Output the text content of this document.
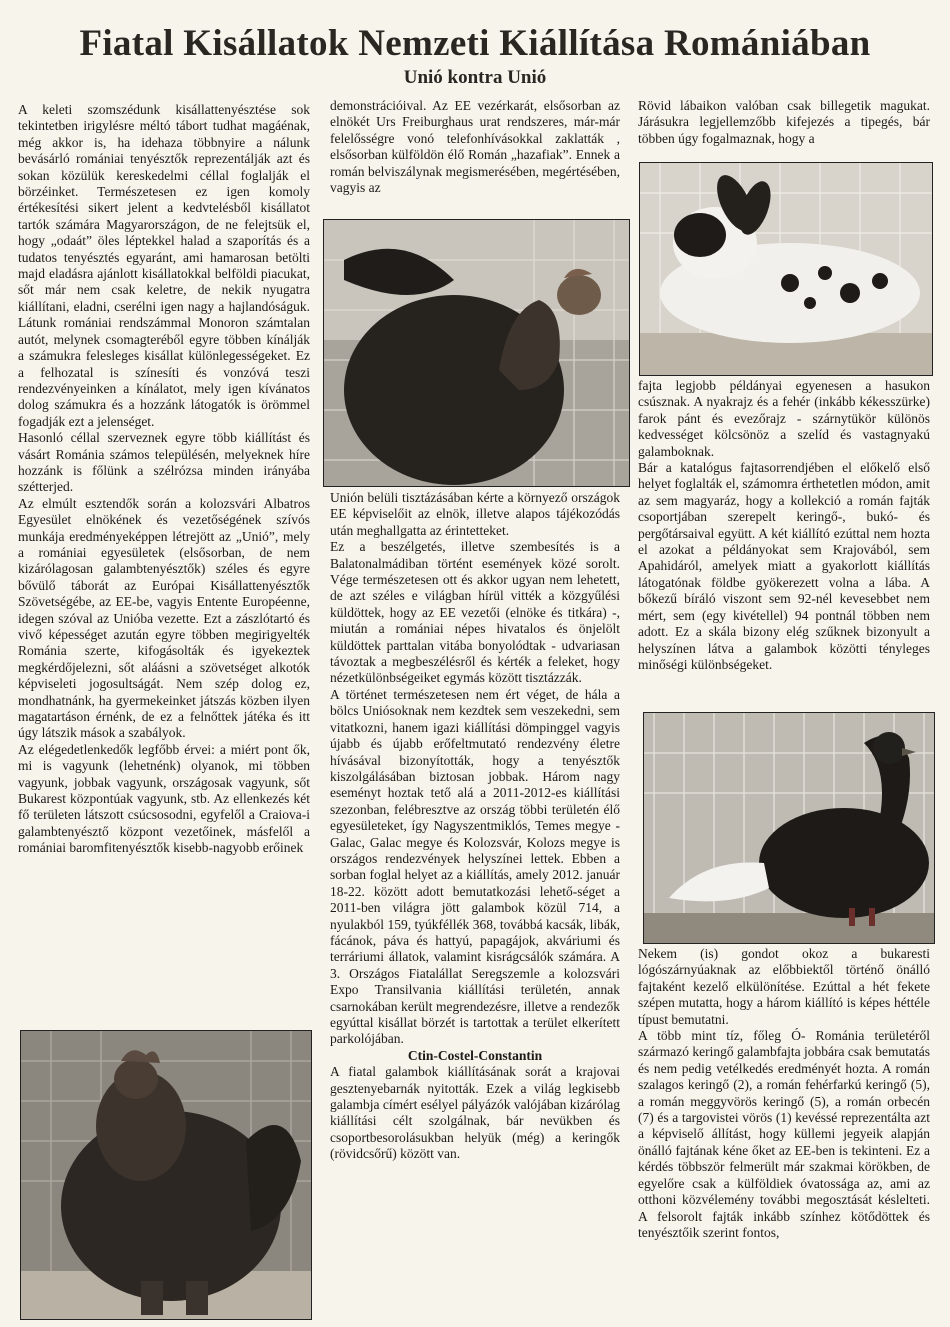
Fiatal Kisállatok Nemzeti Kiállítása Romániában
Unió kontra Unió

A keleti szomszédunk kisállattenyésztése sok tekintetben irigylésre méltó tábort tudhat magáénak, még akkor is, ha idehaza többnyire a nálunk bevásárló romániai tenyésztők reprezentálják azt és sokan közülük kereskedelmi céllal foglalják el börzéinket. Természetesen ez igen komoly értékesítési sikert jelent a kedvtelésből kisállatot tartók számára Magyarországon, de ne felejtsük el, hogy „odaát” öles léptekkel halad a szaporítás és a tudatos tenyésztés egyaránt, ami hamarosan betölti majd eladásra ajánlott kisállatokkal belföldi piacukat, sőt már nem csak keletre, de nekik nyugatra kiállítani, eladni, cserélni igen nagy a hajlandóságuk. Látunk romániai rendszámmal Monoron számtalan autót, melynek csomagteréből egyre többen kínálják a számukra felesleges kisállat különlegességeket. Ez a felhozatal is színesíti és vonzóvá teszi rendezvényeinken a kínálatot, mely igen kívánatos dolog számukra és a hozzánk látogatók is örömmel fogadják ezt a jelenséget.

Hasonló céllal szerveznek egyre több kiállítást és vásárt Románia számos településén, melyeknek híre hozzánk is főlünk a szélrózsa minden irányába szétterjed.

Az elmúlt esztendők során a kolozsvári Albatros Egyesület elnökének és vezetőségének szívós munkája eredményeképpen létrejött az „Unió”, mely a romániai egyesületek (elsősorban, de nem kizárólagosan galambtenyésztők) széles és egyre bővülő táborát az Európai Kisállattenyésztők Szövetségébe, az EE-be, vagyis Entente Européenne, idegen szóval az Unióba vezette. Ezt a zászlótartó és vivő képességet azután egyre többen megirigyelték Románia szerte, kifogásolták és igyekeztek megkérdőjelezni, sőt aláásni a szövetséget alkotók képviseleti jogosultságát. Nem szép dolog ez, mondhatnánk, ha gyermekeinket játszás közben ilyen magatartáson érnénk, de ez a felnőttek játéka és itt úgy látszik mások a szabályok.

Az elégedetlenkedők legfőbb érvei: a miért pont ők, mi is vagyunk (lehetnénk) olyanok, mi többen vagyunk, jobbak vagyunk, országosak vagyunk, sőt Bukarest központúak vagyunk, stb. Az ellenkezés két fő területen látszott csúcsosodni, egyfelől a Craiova-i galambtenyésztő központ vezetőinek, másfelől a romániai baromfitenyésztők kisebb-nagyobb erőinek

demonstrációival. Az EE vezérkarát, elsősorban az elnökét Urs Freiburghaus urat rendszeres, már-már felelősségre vonó telefonhívásokkal zaklatták , elsősorban külföldön élő Román „hazafiak”. Ennek a román belviszálynak megismerésében, megértésében, vagyis az

Unión belüli tisztázásában kérte a környező országok EE képviselőit az elnök, illetve alapos tájékozódás után meghallgatta az érintetteket.

Ez a beszélgetés, illetve szembesítés is a Balatonalmádiban történt események közé sorolt. Vége természetesen ott és akkor ugyan nem lehetett, de azt széles e világban hírül vitték a közgyűlési küldöttek, hogy az EE vezetői (elnöke és titkára) -, miután a romániai népes hivatalos és önjelölt küldöttek parttalan vitába bonyolódtak - udvariasan távoztak a megbeszélésről és kérték a feleket, hogy nézetkülönbségeiket egymás között tisztázzák.

A történet természetesen nem ért véget, de hála a bölcs Uniósoknak nem kezdtek sem veszekedni, sem vitatkozni, hanem igazi kiállítási dömpinggel vagyis újabb és újabb erőfeltmutató rendezvény életre hívásával bizonyították, hogy a tenyésztők kiszolgálásában biztosan jobbak. Három nagy eseményt hoztak tető alá a 2011-2012-es kiállítási szezonban, felébresztve az ország többi területén élő egyesületeket, így Nagyszentmiklós, Temes megye - Galac, Galac megye és Kolozsvár, Kolozs megye is országos rendezvények helyszínei lettek. Ebben a sorban foglal helyet az a kiállítás, amely 2012. január 18-22. között adott bemutatkozási lehető-séget a 2011-ben világra jött galambok közül 714, a nyulakból 159, tyúkféllék 368, továbbá kacsák, libák, fácánok, páva és hattyú, papagájok, akváriumi és terráriumi állatok, valamint kisrágcsálók számára. A 3. Országos Fiatalállat Seregszemle a kolozsvári Expo Transilvania kiállítási területén, annak csarnokában került megrendezésre, illetve a rendezők egyúttal kisállat börzét is tartottak a terület elkerített parkolójában.

Ctin-Costel-Constantin

A fiatal galambok kiállításának sorát a krajovai gesztenyebarnák nyitották. Ezek a világ legkisebb galambja címért esélyel pályázók valójában kizárólag kiállítási célt szolgálnak, bár nevükben és csoportbesorolásukban helyük (még) a keringők (rövidcsőrű) között van.

Rövid lábaikon valóban csak billegetik magukat. Járásukra legjellemzőbb kifejezés a tipegés, bár többen úgy fogalmaznak, hogy a

fajta legjobb példányai egyenesen a hasukon csúsznak. A nyakrajz és a fehér (inkább kékesszürke) farok pánt és evezőrajz - szárnytükör különös kedvességet kölcsönöz a szelíd és vastagnyakú galamboknak.

Bár a katalógus fajtasorrendjében el előkelő első helyet foglalták el, számomra érthetetlen módon, amit az sem magyaráz, hogy a kollekció a román fajták csoportjában szerepelt keringő-, bukó- és pergőtársaival együtt. A két kiállító ezúttal nem hozta el azokat a példányokat sem Krajovából, sem Apahidáról, amelyek miatt a gyakorlott kiállítás látogatónak földbe gyökerezett volna a lába. A bőkezű bíráló viszont sem 92-nél kevesebbet nem mért, sem (egy kivétellel) 94 pontnál többen nem adott. Ez a skála bizony elég szűknek bizonyult a helyszínen látva a galambok közötti tényleges minőségi különbségeket.

Nekem (is) gondot okoz a bukaresti lógószárnyúaknak az előbbiektől történő önálló fajtaként kezelő elkülönítése. Ezúttal a hét fekete szépen mutatta, hogy a három kiállító is képes héttéle típust bemutatni.

A több mint tíz, főleg Ó- Románia területéről származó keringő galambfajta jobbára csak bemutatás és nem pedig vetélkedés eredményét hozta. A román szalagos keringő (2), a román fehérfarkú keringő (5), a román meggyvörös keringő (5), a román orbecén (7) és a targovistei vörös (1) kevéssé reprezentálta azt a képviselő állítást, hogy küllemi jegyeik alapján önálló fajtának kéne őket az EE-ben is tekinteni. Ez a kérdés többször felmerült már szakmai körökben, de egyelőre csak a külföldiek óvatossága az, ami az otthoni közvélemény további megosztását késlelteti. A felsorolt fajták inkább színhez kötődöttek és tenyésztőik szerint fontos,
